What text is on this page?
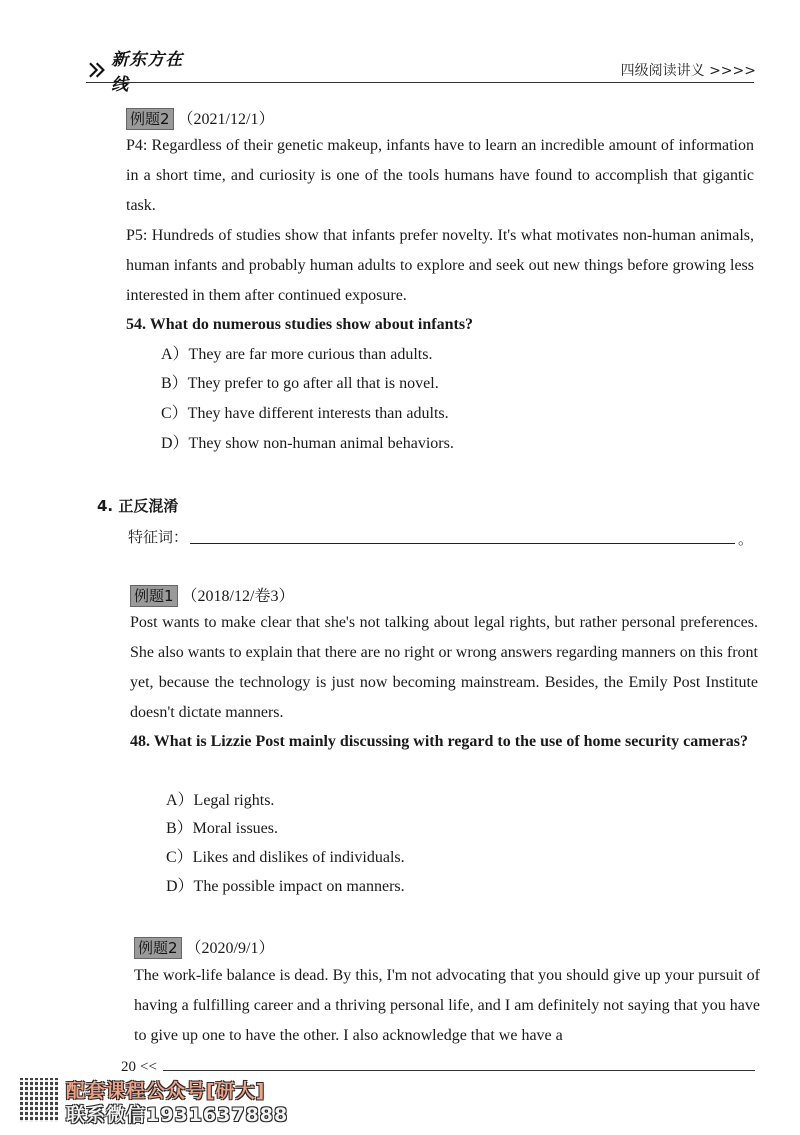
新东方在线
四级阅读讲义 >>>>
例题2 （2021/12/1）
P4: Regardless of their genetic makeup, infants have to learn an incredible amount of information in a short time, and curiosity is one of the tools humans have found to accomplish that gigantic task.
P5: Hundreds of studies show that infants prefer novelty. It's what motivates non-human animals, human infants and probably human adults to explore and seek out new things before growing less interested in them after continued exposure.
54. What do numerous studies show about infants?
A）They are far more curious than adults.
B）They prefer to go after all that is novel.
C）They have different interests than adults.
D）They show non-human animal behaviors.
4. 正反混淆
特征词：	。
例题1 （2018/12/卷3）
Post wants to make clear that she's not talking about legal rights, but rather personal preferences. She also wants to explain that there are no right or wrong answers regarding manners on this front yet, because the technology is just now becoming mainstream. Besides, the Emily Post Institute doesn't dictate manners.
48. What is Lizzie Post mainly discussing with regard to the use of home security cameras?
A）Legal rights.
B）Moral issues.
C）Likes and dislikes of individuals.
D）The possible impact on manners.
例题2 （2020/9/1）
The work-life balance is dead. By this, I'm not advocating that you should give up your pursuit of having a fulfilling career and a thriving personal life, and I am definitely not saying that you have to give up one to have the other. I also acknowledge that we have a
20 <<
配套课程公众号[研大]
联系微信1931637888
